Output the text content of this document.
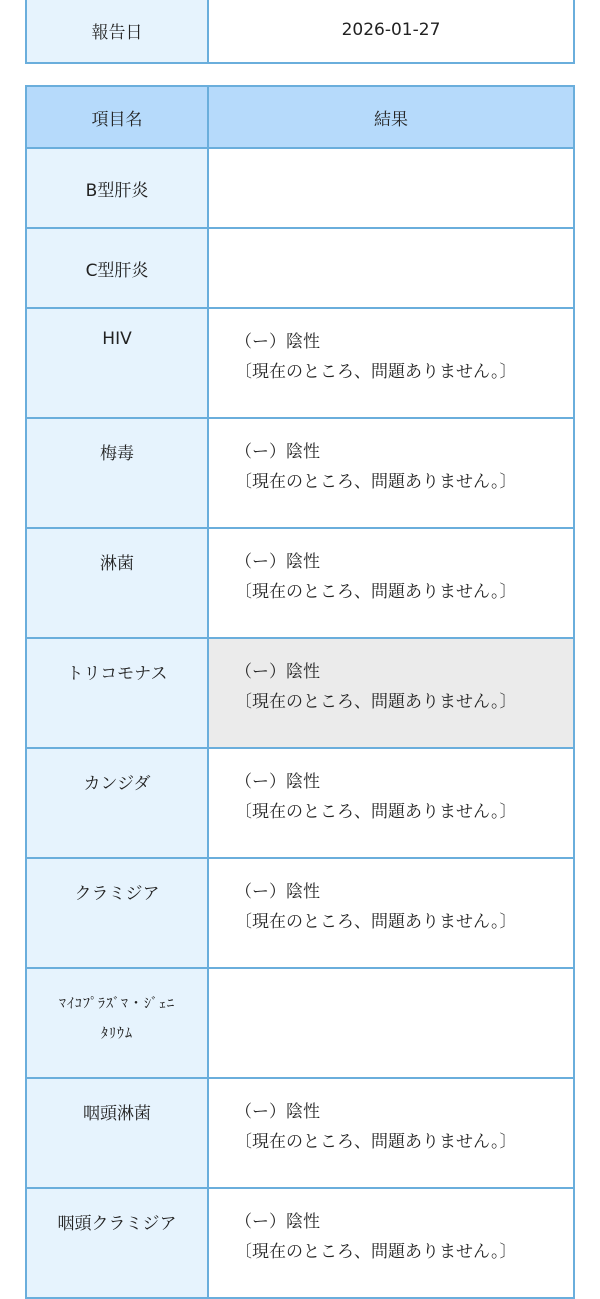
報告日	2026-01-27
項目名	結果
B型肝炎	

C型肝炎	

HIV	（ー）陰性
〔現在のところ、問題ありません。〕

梅毒	（ー）陰性
〔現在のところ、問題ありません。〕

淋菌	（ー）陰性
〔現在のところ、問題ありません。〕

トリコモナス	（ー）陰性
〔現在のところ、問題ありません。〕

カンジダ	（ー）陰性
〔現在のところ、問題ありません。〕

クラミジア	（ー）陰性
〔現在のところ、問題ありません。〕

ﾏｲｺﾌﾟﾗｽﾞﾏ・ｼﾞｪﾆ
ﾀﾘｳﾑ	

咽頭淋菌	（ー）陰性
〔現在のところ、問題ありません。〕

咽頭クラミジア	（ー）陰性
〔現在のところ、問題ありません。〕
